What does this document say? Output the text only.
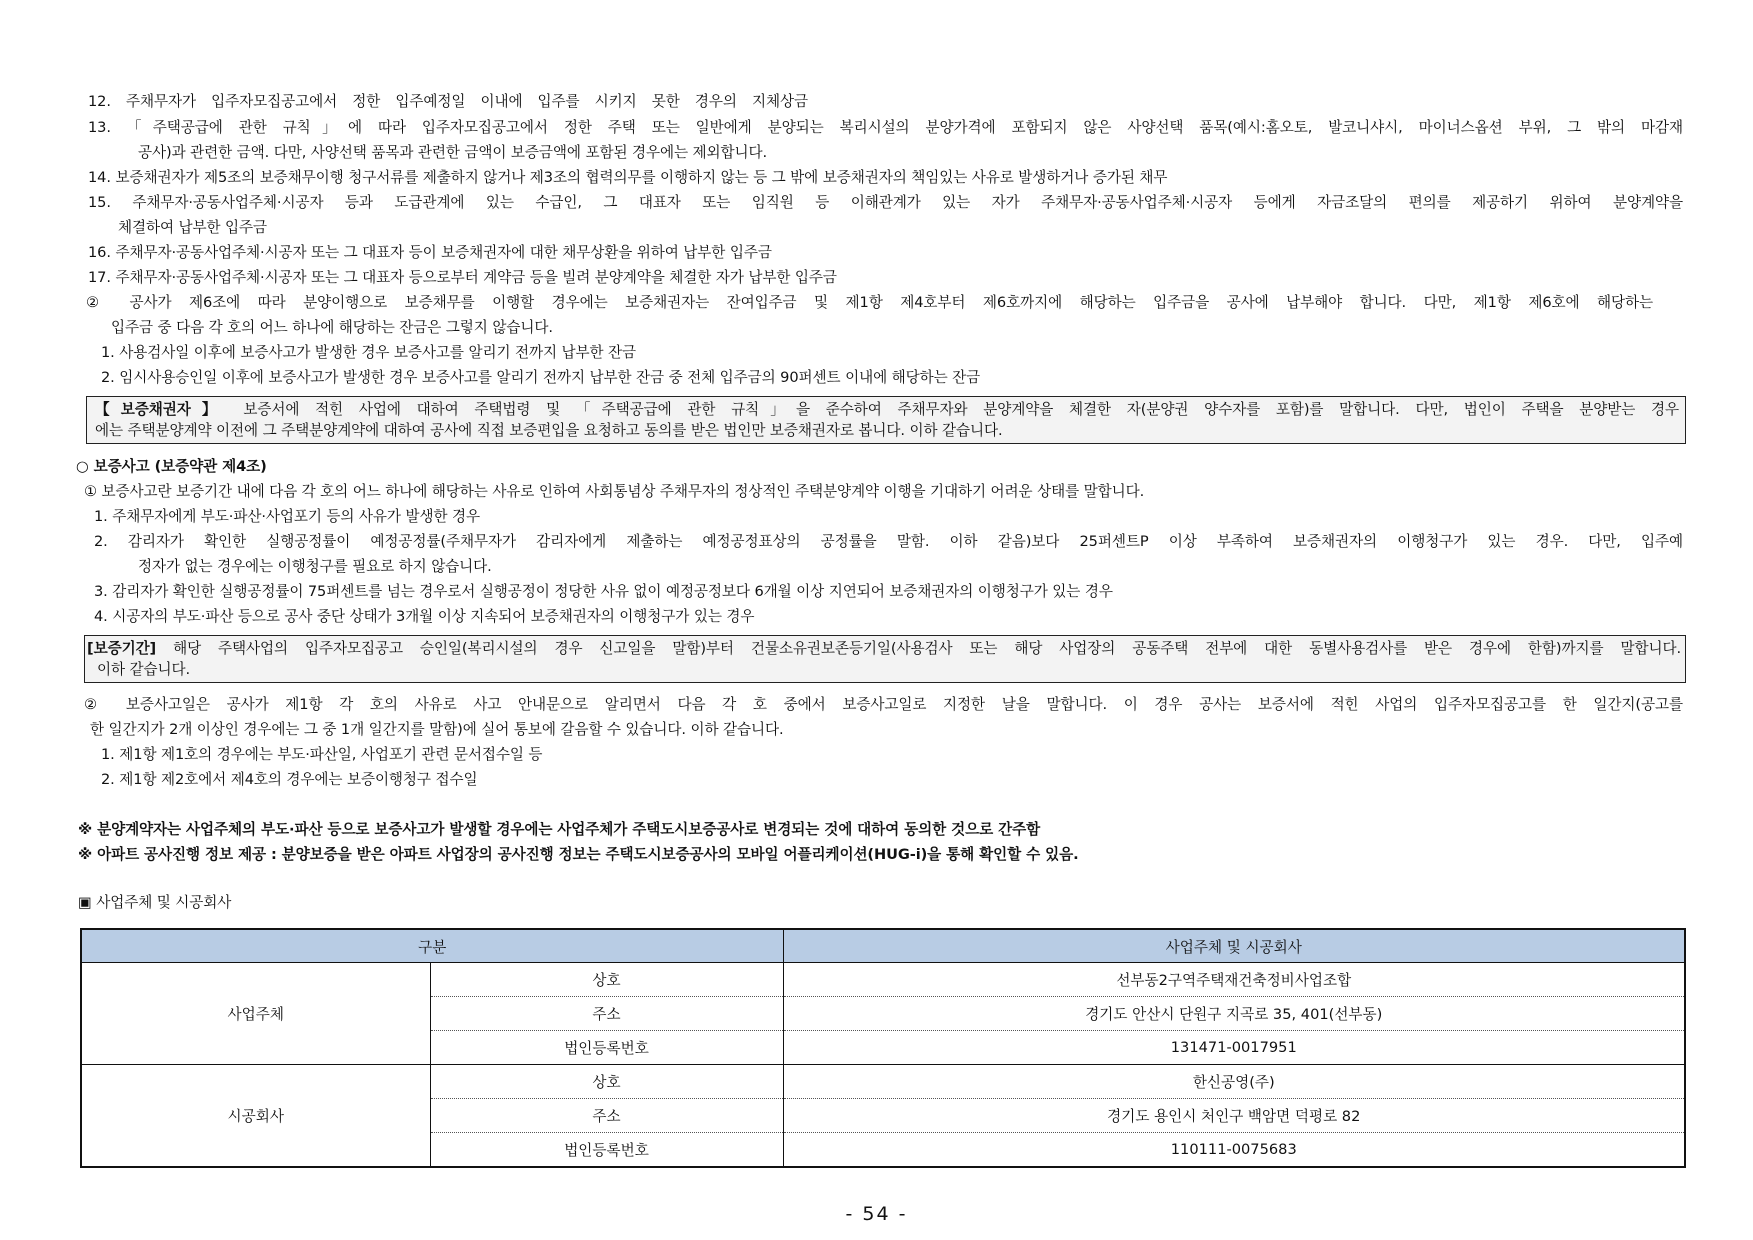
12. 주채무자가 입주자모집공고에서 정한 입주예정일 이내에 입주를 시키지 못한 경우의 지체상금
13. 「주택공급에 관한 규칙」에 따라 입주자모집공고에서 정한 주택 또는 일반에게 분양되는 복리시설의 분양가격에 포함되지 않은 사양선택 품목(예시:홈오토, 발코니샤시, 마이너스옵션 부위, 그 밖의 마감재
공사)과 관련한 금액. 다만, 사양선택 품목과 관련한 금액이 보증금액에 포함된 경우에는 제외합니다.
14. 보증채권자가 제5조의 보증채무이행 청구서류를 제출하지 않거나 제3조의 협력의무를 이행하지 않는 등 그 밖에 보증채권자의 책임있는 사유로 발생하거나 증가된 채무
15. 주채무자·공동사업주체·시공자 등과 도급관계에 있는 수급인, 그 대표자 또는 임직원 등 이해관계가 있는 자가 주채무자·공동사업주체·시공자 등에게 자금조달의 편의를 제공하기 위하여 분양계약을
체결하여 납부한 입주금
16. 주채무자·공동사업주체·시공자 또는 그 대표자 등이 보증채권자에 대한 채무상환을 위하여 납부한 입주금
17. 주채무자·공동사업주체·시공자 또는 그 대표자 등으로부터 계약금 등을 빌려 분양계약을 체결한 자가 납부한 입주금
② 공사가 제6조에 따라 분양이행으로 보증채무를 이행할 경우에는 보증채권자는 잔여입주금 및 제1항 제4호부터 제6호까지에 해당하는 입주금을 공사에 납부해야 합니다. 다만, 제1항 제6호에 해당하는
입주금 중 다음 각 호의 어느 하나에 해당하는 잔금은 그렇지 않습니다.
1. 사용검사일 이후에 보증사고가 발생한 경우 보증사고를 알리기 전까지 납부한 잔금
2. 임시사용승인일 이후에 보증사고가 발생한 경우 보증사고를 알리기 전까지 납부한 잔금 중 전체 입주금의 90퍼센트 이내에 해당하는 잔금
【보증채권자】 보증서에 적힌 사업에 대하여 주택법령 및 「주택공급에 관한 규칙」을 준수하여 주채무자와 분양계약을 체결한 자(분양권 양수자를 포함)를 말합니다. 다만, 법인이 주택을 분양받는 경우
에는 주택분양계약 이전에 그 주택분양계약에 대하여 공사에 직접 보증편입을 요청하고 동의를 받은 법인만 보증채권자로 봅니다. 이하 같습니다.
○ 보증사고 (보증약관 제4조)
① 보증사고란 보증기간 내에 다음 각 호의 어느 하나에 해당하는 사유로 인하여 사회통념상 주채무자의 정상적인 주택분양계약 이행을 기대하기 어려운 상태를 말합니다.
1. 주채무자에게 부도·파산·사업포기 등의 사유가 발생한 경우
2. 감리자가 확인한 실행공정률이 예정공정률(주채무자가 감리자에게 제출하는 예정공정표상의 공정률을 말함. 이하 같음)보다 25퍼센트P 이상 부족하여 보증채권자의 이행청구가 있는 경우. 다만, 입주예
정자가 없는 경우에는 이행청구를 필요로 하지 않습니다.
3. 감리자가 확인한 실행공정률이 75퍼센트를 넘는 경우로서 실행공정이 정당한 사유 없이 예정공정보다 6개월 이상 지연되어 보증채권자의 이행청구가 있는 경우
4. 시공자의 부도·파산 등으로 공사 중단 상태가 3개월 이상 지속되어 보증채권자의 이행청구가 있는 경우
[보증기간] 해당 주택사업의 입주자모집공고 승인일(복리시설의 경우 신고일을 말함)부터 건물소유권보존등기일(사용검사 또는 해당 사업장의 공동주택 전부에 대한 동별사용검사를 받은 경우에 한함)까지를 말합니다.
이하 같습니다.
② 보증사고일은 공사가 제1항 각 호의 사유로 사고 안내문으로 알리면서 다음 각 호 중에서 보증사고일로 지정한 날을 말합니다. 이 경우 공사는 보증서에 적힌 사업의 입주자모집공고를 한 일간지(공고를
한 일간지가 2개 이상인 경우에는 그 중 1개 일간지를 말함)에 실어 통보에 갈음할 수 있습니다. 이하 같습니다.
1. 제1항 제1호의 경우에는 부도·파산일, 사업포기 관련 문서접수일 등
2. 제1항 제2호에서 제4호의 경우에는 보증이행청구 접수일
※ 분양계약자는 사업주체의 부도·파산 등으로 보증사고가 발생할 경우에는 사업주체가 주택도시보증공사로 변경되는 것에 대하여 동의한 것으로 간주함
※ 아파트 공사진행 정보 제공 : 분양보증을 받은 아파트 사업장의 공사진행 정보는 주택도시보증공사의 모바일 어플리케이션(HUG-i)을 통해 확인할 수 있음.
▣ 사업주체 및 시공회사
구분		사업주체 및 시공회사
사업주체	상호	선부동2구역주택재건축정비사업조합
	주소	경기도 안산시 단원구 지곡로 35, 401(선부동)
	법인등록번호	131471-0017951
시공회사	상호	한신공영(주)
	주소	경기도 용인시 처인구 백암면 덕평로 82
	법인등록번호	110111-0075683
- 54 -
